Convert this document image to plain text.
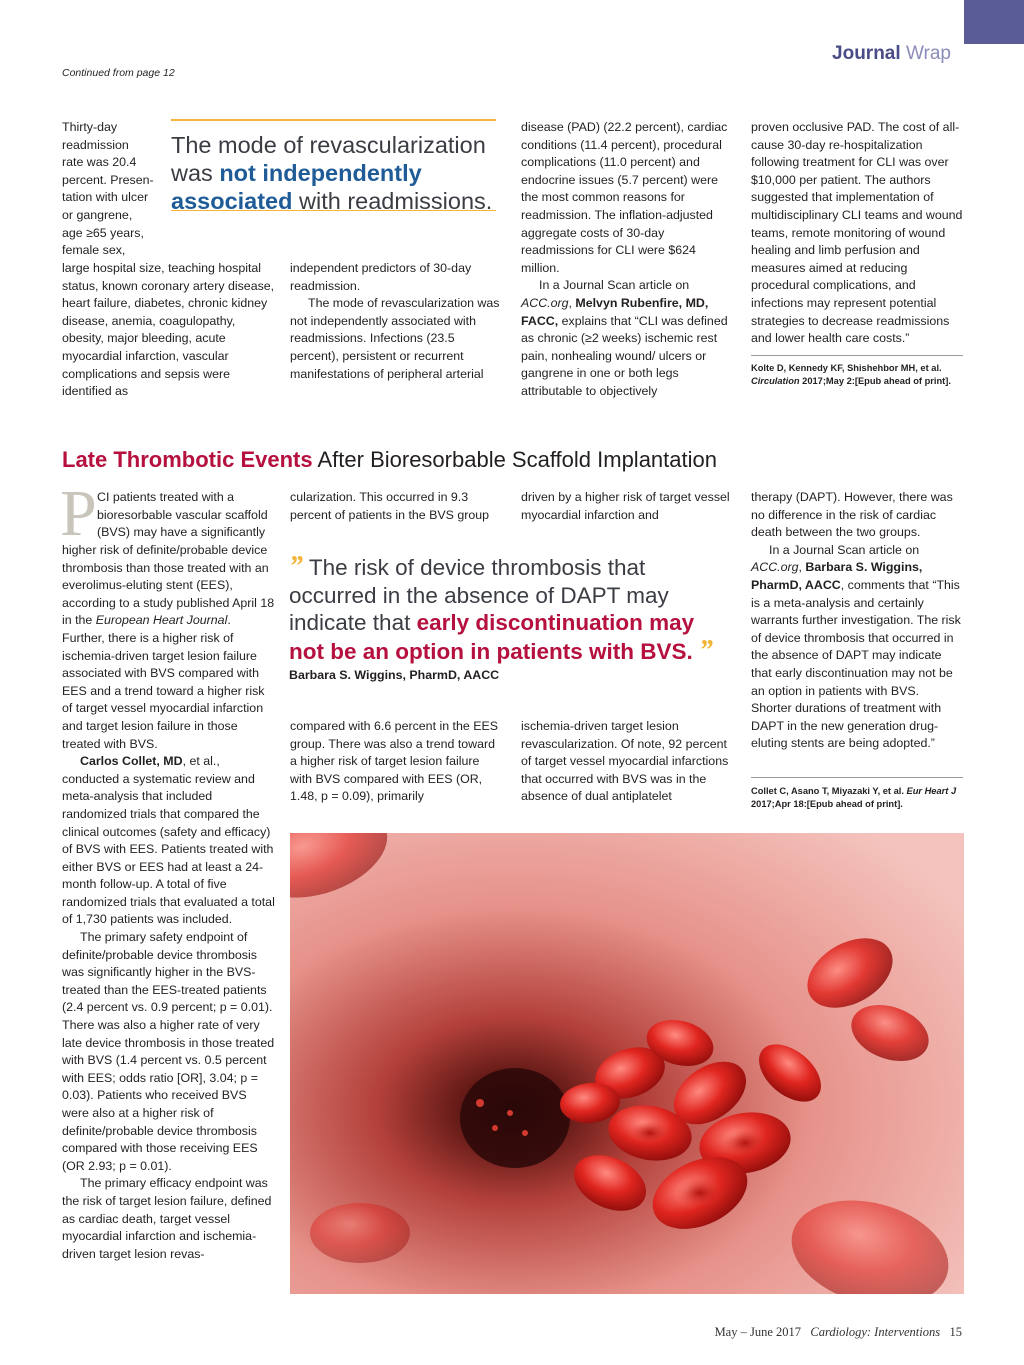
Journal Wrap
Continued from page 12

Thirty-day

readmission

rate was 20.4

percent. Presen-

tation with ulcer

or gangrene,

age ≥65 years,

female sex,

The mode of revascularization was not independently associated with readmissions.

large hospital size, teaching hospital status, known coronary artery disease, heart failure, diabetes, chronic kidney disease, anemia, coagulopathy, obesity, major bleeding, acute myocardial infarction, vascular complications and sepsis were identified as

independent predictors of 30-day readmission.

The mode of revascularization was not independently associated with readmissions. Infections (23.5 percent), persistent or recurrent manifestations of peripheral arterial

disease (PAD) (22.2 percent), cardiac conditions (11.4 percent), procedural complications (11.0 percent) and endocrine issues (5.7 percent) were the most common reasons for readmission. The inflation-adjusted aggregate costs of 30-day readmissions for CLI were $624 million.

In a Journal Scan article on ACC.org, Melvyn Rubenfire, MD, FACC, explains that “CLI was defined as chronic (≥2 weeks) ischemic rest pain, nonhealing wound/ ulcers or gangrene in one or both legs attributable to objectively

proven occlusive PAD. The cost of all-cause 30-day re-hospitalization following treatment for CLI was over $10,000 per patient. The authors suggested that implementation of multidisciplinary CLI teams and wound teams, remote monitoring of wound healing and limb perfusion and measures aimed at reducing procedural complications, and infections may represent potential strategies to decrease readmissions and lower health care costs.”

Kolte D, Kennedy KF, Shishehbor MH, et al.
Circulation 2017;May 2:[Epub ahead of print].
Late Thrombotic Events After Bioresorbable Scaffold Implantation
P CI patients treated with a

bioresorbable vascular scaffold

(BVS) may have a significantly

higher risk of definite/probable device thrombosis than those treated with an everolimus-eluting stent (EES), according to a study published April 18 in the European Heart Journal. Further, there is a higher risk of ischemia-driven target lesion failure associated with BVS compared with EES and a trend toward a higher risk of target vessel myocardial infarction and target lesion failure in those treated with BVS.

Carlos Collet, MD, et al., conducted a systematic review and meta-analysis that included randomized trials that compared the clinical outcomes (safety and efficacy) of BVS with EES. Patients treated with either BVS or EES had at least a 24-month follow-up. A total of five randomized trials that evaluated a total of 1,730 patients was included.

The primary safety endpoint of definite/probable device thrombosis was significantly higher in the BVS-treated than the EES-treated patients (2.4 percent vs. 0.9 percent; p = 0.01). There was also a higher rate of very late device thrombosis in those treated with BVS (1.4 percent vs. 0.5 percent with EES; odds ratio [OR], 3.04; p = 0.03). Patients who received BVS were also at a higher risk of definite/probable device thrombosis compared with those receiving EES (OR 2.93; p = 0.01).

The primary efficacy endpoint was the risk of target lesion failure, defined as cardiac death, target vessel myocardial infarction and ischemia-driven target lesion revas-

cularization. This occurred in 9.3 percent of patients in the BVS group

driven by a higher risk of target vessel myocardial infarction and

” The risk of device thrombosis that occurred in the absence of DAPT may indicate that early discontinuation may not be an option in patients with BVS. ”
Barbara S. Wiggins, PharmD, AACC

compared with 6.6 percent in the EES group. There was also a trend toward a higher risk of target lesion failure with BVS compared with EES (OR, 1.48, p = 0.09), primarily

ischemia-driven target lesion revascularization. Of note, 92 percent of target vessel myocardial infarctions that occurred with BVS was in the absence of dual antiplatelet

therapy (DAPT). However, there was no difference in the risk of cardiac death between the two groups.

In a Journal Scan article on ACC.org, Barbara S. Wiggins, PharmD, AACC, comments that “This is a meta-analysis and certainly warrants further investigation. The risk of device thrombosis that occurred in the absence of DAPT may indicate that early discontinuation may not be an option in patients with BVS. Shorter durations of treatment with DAPT in the new generation drug-eluting stents are being adopted.”

Collet C, Asano T, Miyazaki Y, et al. Eur Heart J 2017;Apr 18:[Epub ahead of print].
May – June 2017 Cardiology: Interventions 15
